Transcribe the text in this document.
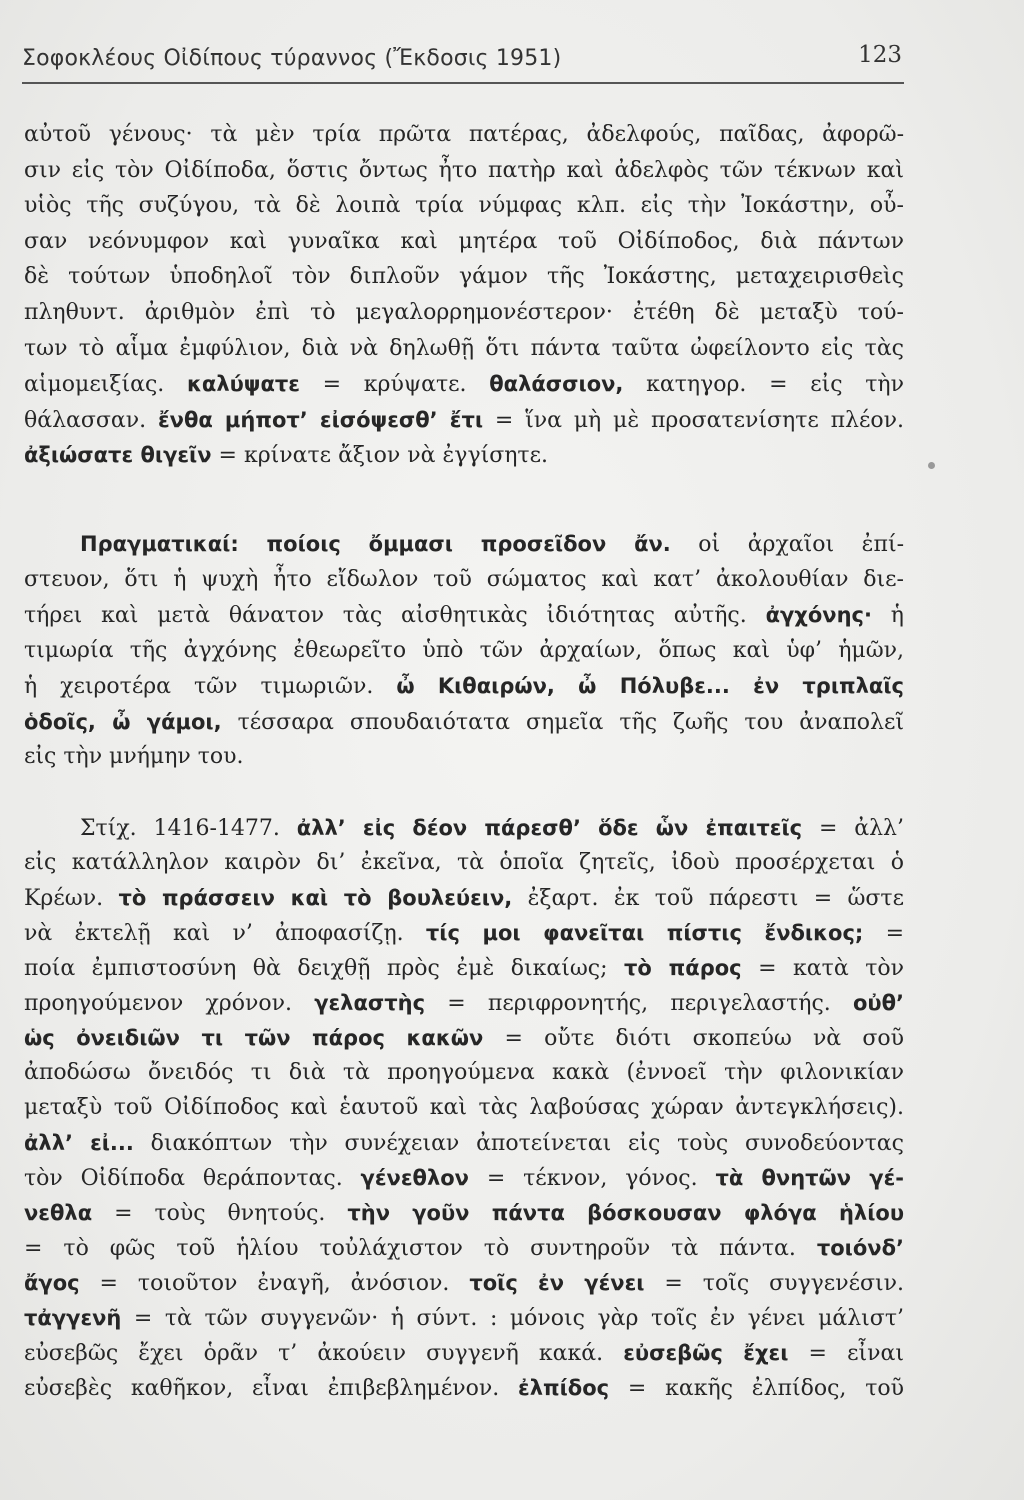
Σοφοκλέους Οἰδίπους τύραννος (Ἔκδοσις 1951)	123
αὐτοῦ γένους· τὰ μὲν τρία πρῶτα πατέρας, ἀδελφούς, παῖδας, ἀφορῶ-
σιν εἰς τὸν Οἰδίποδα, ὅστις ὄντως ἦτο πατὴρ καὶ ἀδελφὸς τῶν τέκνων καὶ
υἱὸς τῆς συζύγου, τὰ δὲ λοιπὰ τρία νύμφας κλπ. εἰς τὴν Ἰοκάστην, οὖ-
σαν νεόνυμφον καὶ γυναῖκα καὶ μητέρα τοῦ Οἰδίποδος, διὰ πάντων
δὲ τούτων ὑποδηλοῖ τὸν διπλοῦν γάμον τῆς Ἰοκάστης, μεταχειρισθεὶς
πληθυντ. ἀριθμὸν ἐπὶ τὸ μεγαλορρημονέστερον· ἐτέθη δὲ μεταξὺ τού-
των τὸ αἷμα ἐμφύλιον, διὰ νὰ δηλωθῇ ὅτι πάντα ταῦτα ὠφείλοντο εἰς τὰς
αἱμομειξίας. καλύψατε = κρύψατε. θαλάσσιον, κατηγορ. = εἰς τὴν
θάλασσαν. ἔνθα μήποτ’ εἰσόψεσθ’ ἔτι = ἵνα μὴ μὲ προσατενίσητε πλέον.
ἀξιώσατε θιγεῖν = κρίνατε ἄξιον νὰ ἐγγίσητε.
Πραγματικαί: ποίοις ὄμμασι προσεῖδον ἄν. οἱ ἀρχαῖοι ἐπί-
στευον, ὅτι ἡ ψυχὴ ἦτο εἴδωλον τοῦ σώματος καὶ κατ’ ἀκολουθίαν διε-
τήρει καὶ μετὰ θάνατον τὰς αἰσθητικὰς ἰδιότητας αὐτῆς. ἀγχόνης· ἡ
τιμωρία τῆς ἀγχόνης ἐθεωρεῖτο ὑπὸ τῶν ἀρχαίων, ὅπως καὶ ὑφ’ ἡμῶν,
ἡ χειροτέρα τῶν τιμωριῶν. ὦ Κιθαιρών, ὦ Πόλυβε... ἐν τριπλαῖς
ὁδοῖς, ὦ γάμοι, τέσσαρα σπουδαιότατα σημεῖα τῆς ζωῆς του ἀναπολεῖ
εἰς τὴν μνήμην του.
Στίχ. 1416-1477. ἀλλ’ εἰς δέον πάρεσθ’ ὅδε ὧν ἐπαιτεῖς = ἀλλ’
εἰς κατάλληλον καιρὸν δι’ ἐκεῖνα, τὰ ὁποῖα ζητεῖς, ἰδοὺ προσέρχεται ὁ
Κρέων. τὸ πράσσειν καὶ τὸ βουλεύειν, ἐξαρτ. ἐκ τοῦ πάρεστι = ὥστε
νὰ ἐκτελῇ καὶ ν’ ἀποφασίζῃ. τίς μοι φανεῖται πίστις ἔνδικος; =
ποία ἐμπιστοσύνη θὰ δειχθῇ πρὸς ἐμὲ δικαίως; τὸ πάρος = κατὰ τὸν
προηγούμενον χρόνον. γελαστὴς = περιφρονητής, περιγελαστής. οὐθ’
ὡς ὀνειδιῶν τι τῶν πάρος κακῶν = οὔτε διότι σκοπεύω νὰ σοῦ
ἀποδώσω ὄνειδός τι διὰ τὰ προηγούμενα κακὰ (ἐννοεῖ τὴν φιλονικίαν
μεταξὺ τοῦ Οἰδίποδος καὶ ἑαυτοῦ καὶ τὰς λαβούσας χώραν ἀντεγκλήσεις).
ἀλλ’ εἰ... διακόπτων τὴν συνέχειαν ἀποτείνεται εἰς τοὺς συνοδεύοντας
τὸν Οἰδίποδα θεράποντας. γένεθλον = τέκνον, γόνος. τὰ θνητῶν γέ-
νεθλα = τοὺς θνητούς. τὴν γοῦν πάντα βόσκουσαν φλόγα ἡλίου
= τὸ φῶς τοῦ ἡλίου τοὐλάχιστον τὸ συντηροῦν τὰ πάντα. τοιόνδ’
ἄγος = τοιοῦτον ἐναγῆ, ἀνόσιον. τοῖς ἐν γένει = τοῖς συγγενέσιν.
τἀγγενῆ = τὰ τῶν συγγενῶν· ἡ σύντ. : μόνοις γὰρ τοῖς ἐν γένει μάλιστ’
εὐσεβῶς ἔχει ὁρᾶν τ’ ἀκούειν συγγενῆ κακά. εὐσεβῶς ἔχει = εἶναι
εὐσεβὲς καθῆκον, εἶναι ἐπιβεβλημένον. ἐλπίδος = κακῆς ἐλπίδος, τοῦ
